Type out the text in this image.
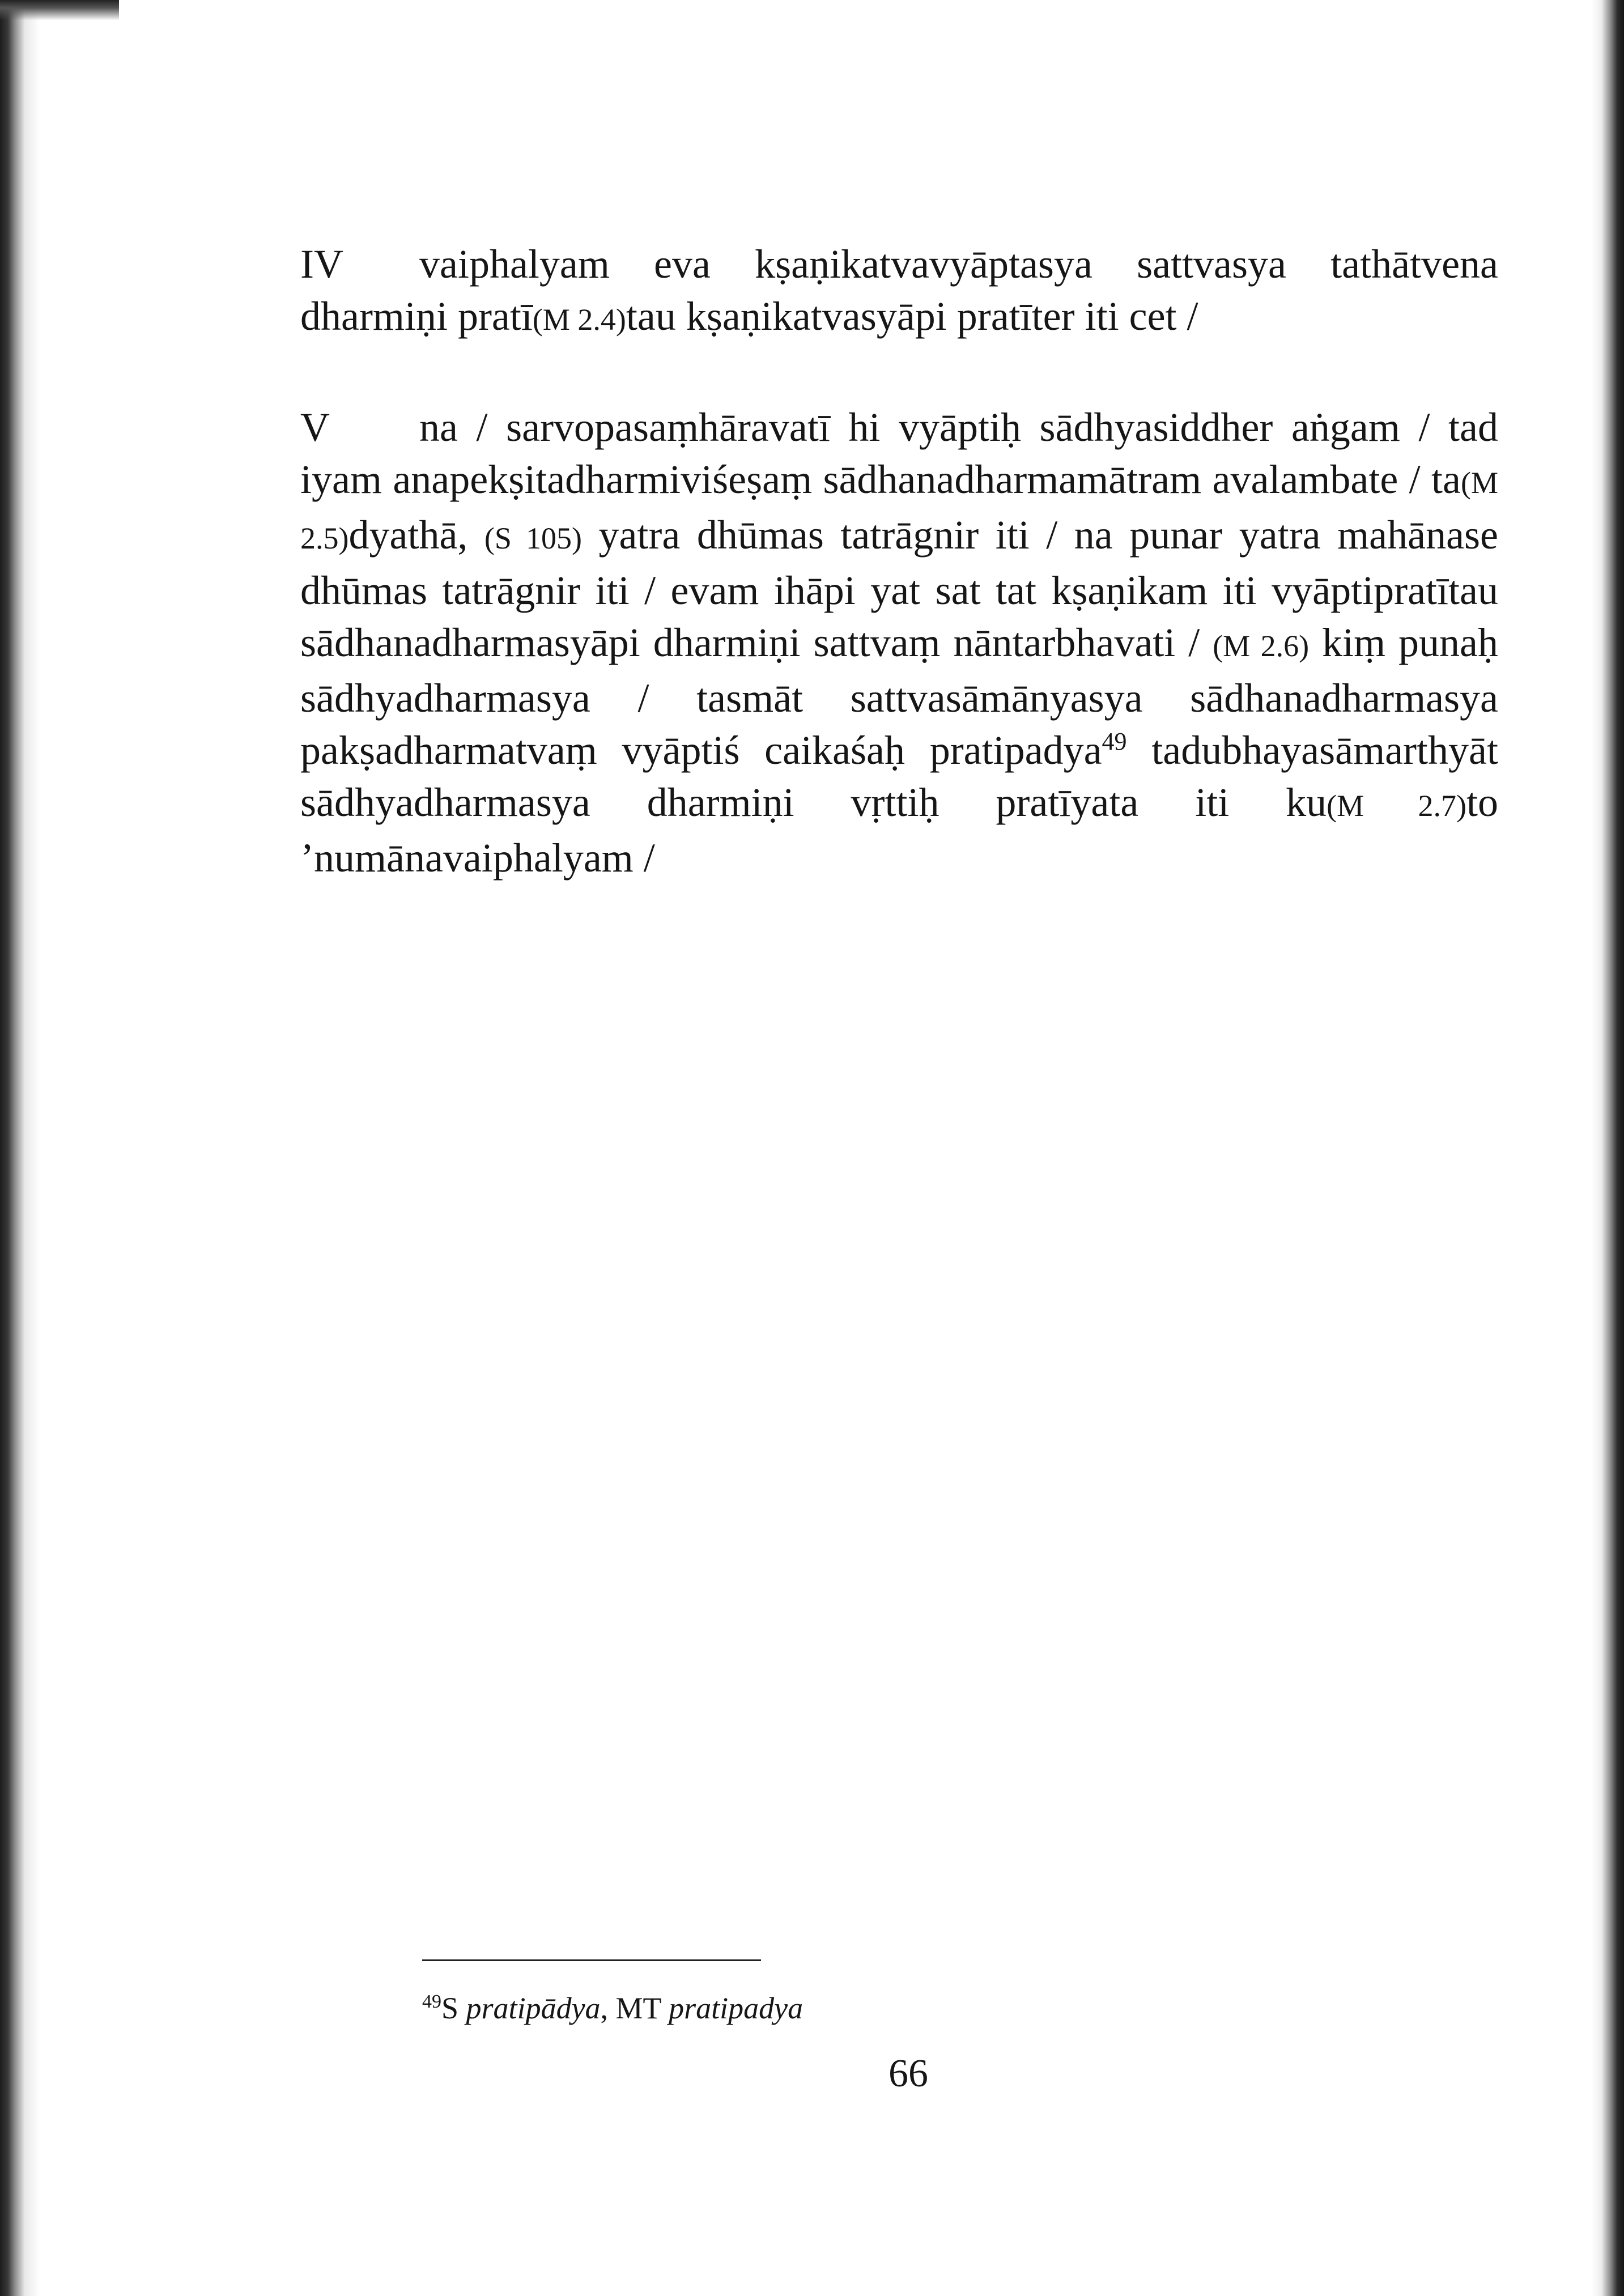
IV vaiphalyam eva kṣaṇikatvavyāptasya sattvasya tathātvena dharmiṇi pratī(M 2.4)tau kṣaṇikatvasyāpi pratīter iti cet /

V na / sarvopasaṃhāravatī hi vyāptiḥ sādhyasiddher aṅgam / tad iyam anapekṣitadharmiviśeṣaṃ sādhanadharmamātram avalambate / ta(M 2.5)dyathā, (S 105) yatra dhūmas tatrāgnir iti / na punar yatra mahānase dhūmas tatrāgnir iti / evam ihāpi yat sat tat kṣaṇikam iti vyāptipratītau sādhanadharmasyāpi dharmiṇi sattvaṃ nāntarbhavati / (M 2.6) kiṃ punaḥ sādhyadharmasya / tasmāt sattvasāmānyasya sādhanadharmasya pakṣadharmatvaṃ vyāptiś caikaśaḥ pratipadya$^{49}$ tadubhayasāmarthyāt sādhyadharmasya dharmiṇi vṛttiḥ pratīyata iti ku(M 2.7)to ’numānavaiphalyam /

$^{49}$S pratipādya, MT pratipadya
66
